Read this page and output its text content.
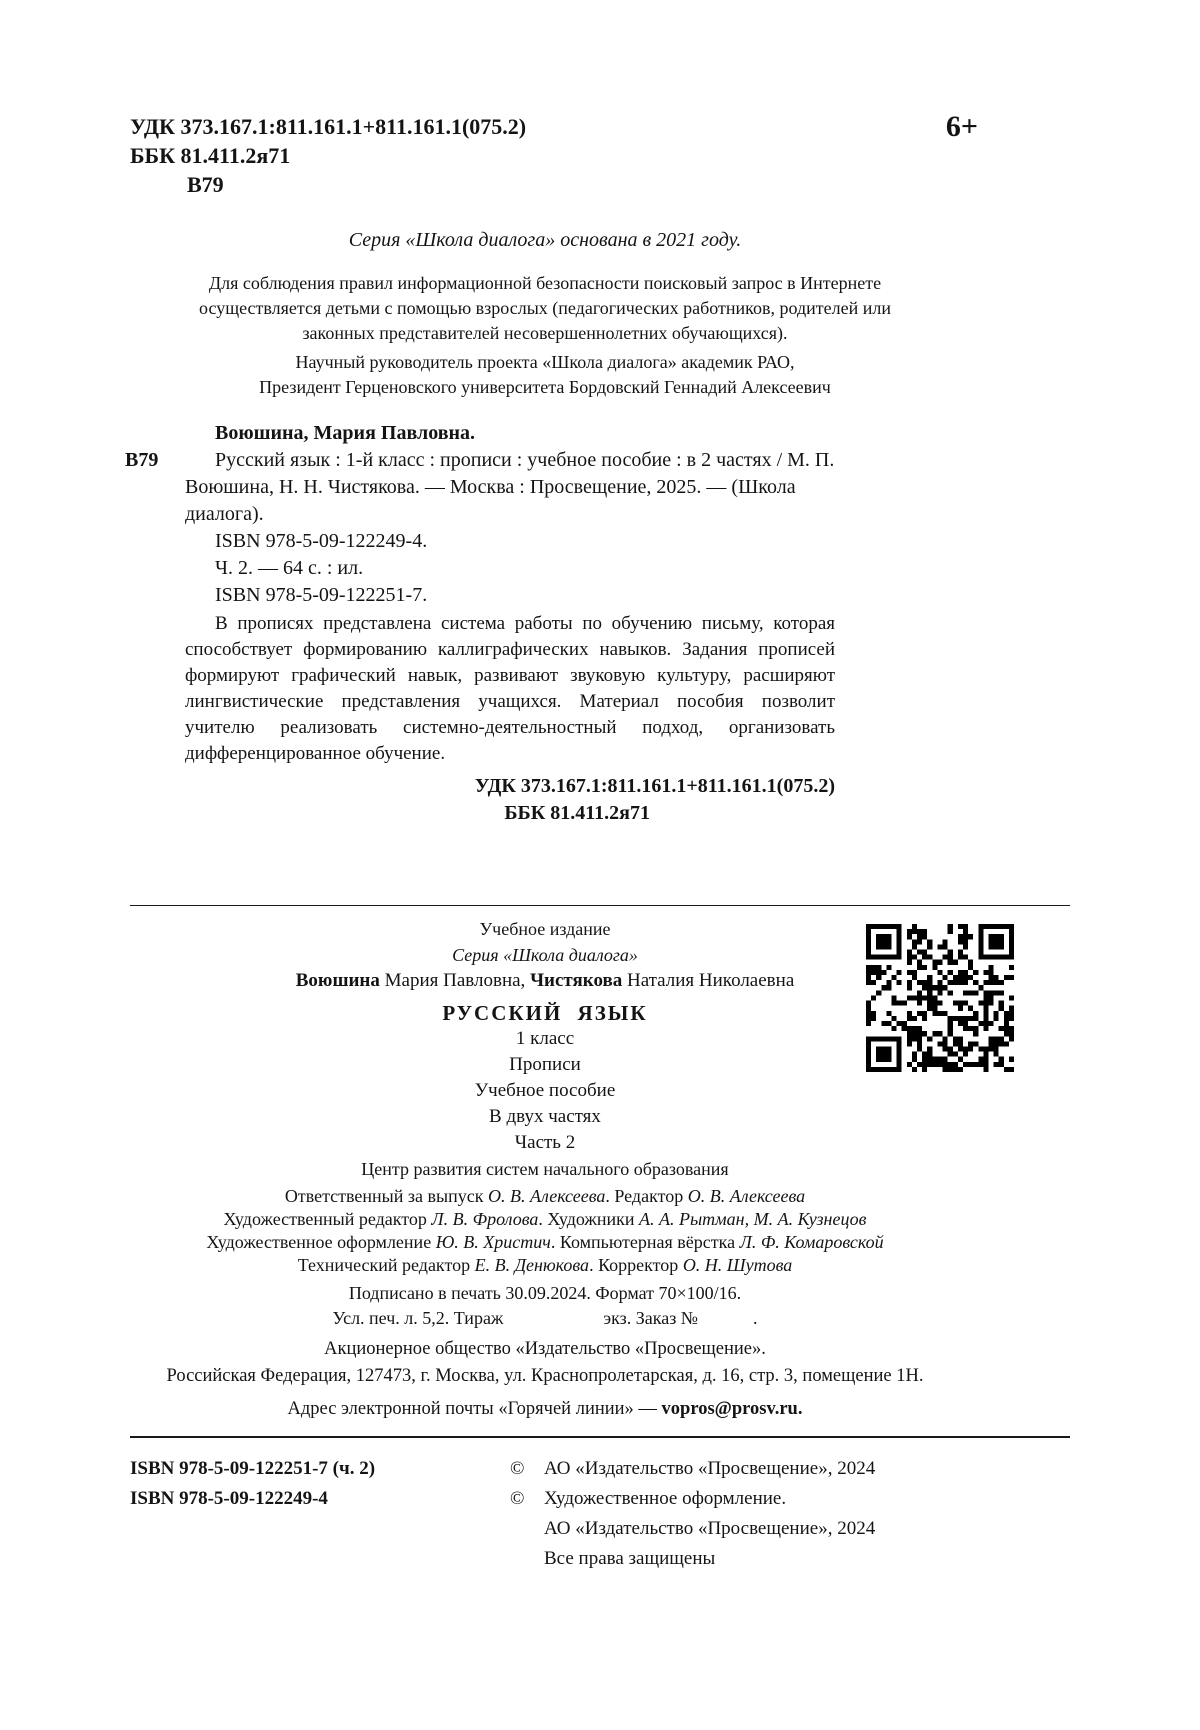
УДК 373.167.1:811.161.1+811.161.1(075.2)
ББК 81.411.2я71
В79
6+
Серия «Школа диалога» основана в 2021 году.
Для соблюдения правил информационной безопасности поисковый запрос в Интернете осуществляется детьми с помощью взрослых (педагогических работников, родителей или законных представителей несовершеннолетних обучающихся).
Научный руководитель проекта «Школа диалога» академик РАО,
Президент Герценовского университета Бордовский Геннадий Алексеевич
В79
Воюшина, Мария Павловна.
Русский язык : 1-й класс : прописи : учебное пособие : в 2 частях / М. П. Воюшина, Н. Н. Чистякова. — Москва : Просвещение, 2025. — (Школа диалога).
ISBN 978-5-09-122249-4.
Ч. 2. — 64 с. : ил.
ISBN 978-5-09-122251-7.
В прописях представлена система работы по обучению письму, которая способствует формированию каллиграфических навыков. Задания прописей формируют графический навык, развивают звуковую культуру, расширяют лингвистические представления учащихся. Материал пособия позволит учителю реализовать системно-деятельностный подход, организовать дифференцированное обучение.
УДК 373.167.1:811.161.1+811.161.1(075.2)
ББК 81.411.2я71
Учебное издание
Серия «Школа диалога»
Воюшина Мария Павловна, Чистякова Наталия Николаевна
РУССКИЙ ЯЗЫК
1 класс
Прописи
Учебное пособие
В двух частях
Часть 2
Центр развития систем начального образования
Ответственный за выпуск О. В. Алексеева. Редактор О. В. Алексеева
Художественный редактор Л. В. Фролова. Художники А. А. Рытман, М. А. Кузнецов
Художественное оформление Ю. В. Христич. Компьютерная вёрстка Л. Ф. Комаровской
Технический редактор Е. В. Денюкова. Корректор О. Н. Шутова
Подписано в печать 30.09.2024. Формат 70×100/16.
Усл. печ. л. 5,2. Тираж	экз. Заказ №	.
Акционерное общество «Издательство «Просвещение».
Российская Федерация, 127473, г. Москва, ул. Краснопролетарская, д. 16, стр. 3, помещение 1Н.
Адрес электронной почты «Горячей линии» — vopros@prosv.ru.
ISBN 978-5-09-122251-7 (ч. 2)
ISBN 978-5-09-122249-4
©	АО «Издательство «Просвещение», 2024
©	Художественное оформление.
АО «Издательство «Просвещение», 2024
Все права защищены
